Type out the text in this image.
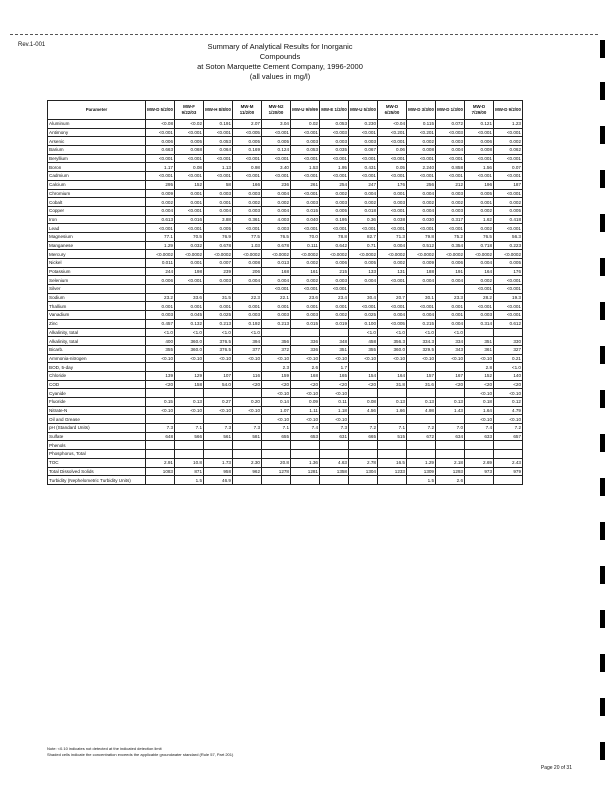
Rev.1-001	Summary of Analytical Results for Inorganic
Compounds
at Soton Marquette Cement Company, 1996-2000
(all values in mg/l)
Parameter	MW-D 5/2/00	MW-F 9/22/03	MW-H 8/8/00	MW-M 11/2/00	MW-N2 1/20/00	MW-U 9/9/99	MW-E 1/2/00	MW-U 5/3/00	MW-D 6/25/00	MW-D 3/3/00	MW-D 1/3/00	MW-D 7/29/00	MW-D 9/2/00
Aluminum	<0.08	<0.02	0.191	2.07	3.04	0.02	0.053	0.230	<0.04	0.115	0.072	0.121	1.23
Antimony	<0.001	<0.001	<0.001	<0.005	<0.001	<0.001	<0.003	<0.001	<0.201	<0.201	<0.003	<0.001	<0.001
Arsenic	0.006	0.005	0.053	0.005	0.005	0.003	0.003	0.003	<0.001	0.002	0.003	0.006	0.002
Barium	0.663	0.068	0.064	0.169	0.124	0.053	0.035	0.067	0.06	0.008	0.004	0.008	0.062
Beryllium	<0.001	<0.001	<0.001	<0.001	<0.001	<0.001	<0.001	<0.001	<0.001	<0.001	<0.001	<0.001	<0.001
Boron	1.17	0.08	1.13	0.98	3.40	1.53	1.95	0.431	0.05	2.240	0.858	1.56	0.07
Cadmium	<0.001	<0.001	<0.001	<0.001	<0.001	<0.001	<0.001	<0.001	<0.001	<0.001	<0.001	<0.001	<0.001
Calcium	295	152	58	166	236	261	254	247	176	256	212	196	187
Chromium	0.009	0.001	0.003	0.003	0.004	<0.001	0.002	0.004	0.001	0.004	0.003	0.005	<0.001
Cobalt	0.002	0.001	0.001	0.002	0.002	0.003	0.003	0.002	0.003	0.002	0.002	0.001	0.002
Copper	0.004	<0.001	0.004	0.003	0.004	0.015	0.005	0.018	<0.001	0.004	0.003	0.002	0.005
Iron	0.613	0.016	3.88	0.361	4.003	0.040	0.195	0.36	0.038	0.030	0.317	1.62	0.418
Lead	<0.001	<0.001	0.005	<0.001	0.003	<0.001	<0.001	<0.001	<0.001	<0.001	<0.001	0.002	<0.001
Magnesium	77.1	70.5	76.9	77.5	76.5	70.0	78.8	82.7	71.3	79.8	75.2	76.5	56.3
Manganese	1.29	0.032	0.678	1.03	0.678	0.111	0.642	0.71	0.004	0.512	0.354	0.718	0.223
Mercury	<0.0002	<0.0002	<0.0002	<0.0002	<0.0002	<0.0002	<0.0002	<0.0002	<0.0002	<0.0002	<0.0002	<0.0002	<0.0002
Nickel	0.011	0.001	0.007	0.008	0.013	0.002	0.006	0.005	0.002	0.009	0.006	0.004	0.005
Potassium	244	198	239	206	168	161	215	133	131	188	191	164	176
Selenium	0.006	<0.001	0.003	0.004	0.004	0.002	0.003	0.004	<0.001	0.004	0.004	0.002	<0.001
Silver					<0.001	<0.001	<0.001					<0.001	<0.001
Sodium	23.2	33.6	31.5	22.3	22.1	23.6	23.4	30.4	20.7	30.1	23.3	28.2	19.3
Thallium	0.001	0.001	0.001	0.001	0.001	0.001	0.001	<0.001	<0.001	<0.001	0.001	<0.001	<0.001
Vanadium	0.003	0.045	0.025	0.003	0.003	0.003	0.002	0.025	0.004	0.004	0.001	0.003	<0.001
Zinc	0.457	0.132	0.213	0.192	0.213	0.015	0.019	0.100	<0.005	0.215	0.004	0.314	0.612
Alkalinity, total	<1.0	<1.0	<1.0	<1.0				<1.0	<1.0	<1.0	<1.0		
Alkalinity, total	400	360.0	376.5	394	356	336	348	458	356.3	334.3	334	351	330
Bicarb.	355	360.0	376.5	377	372	336	351	355	360.0	329.5	343	361	327
Ammonia-nitrogen	<0.10	<0.10	<0.10	<0.10	<0.10	<0.10	<0.10	<0.10	<0.10	<0.10	<0.10	<0.10	0.21
BOD, 5-day					2.3	2.6	1.7					2.8	<1.0
Chloride	139	129	107	116	159	168	165	154	164	157	167	152	140
COD	<20	158	54.0	<20	<20	<20	<20	<20	31.8	31.6	<20	<20	<20
Cyanide					<0.10	<0.10	<0.10					<0.10	<0.10
Fluoride	0.15	0.13	0.27	0.20	0.14	0.09	0.11	0.08	0.13	0.13	0.13	0.18	0.12
Nitrate-N	<0.10	<0.10	<0.10	<0.10	1.07	1.11	1.18	4.56	1.66	4.98	1.43	1.64	4.79
Oil and Grease					<0.10	<0.10	<0.10					<0.10	<0.10
pH (Standard Units)	7.3	7.1	7.3	7.3	7.1	7.4	7.3	7.2	7.1	7.2	7.0	7.4	7.2
Sulfate	648	566	561	581	655	653	631	665	515	672	634	633	657
Phenols													
Phosphorus, Total													
TOC	2.91	10.8	1.73	2.30	20.8	1.36	4.63	2.78	16.5	1.29	2.18	2.69	2.43
Total Dissolved Solids	1083	871	958	962	1278	1281	1358	1304	1233	1309	1293	973	979
Turbidity (Nephelometric Turbidity Units)		1.5	46.9							1.5	2.6		
Note: <0.10 indicates not detected at the indicated detection limit
Shaded cells indicate the concentration exceeds the applicable groundwater standard (Rule 57, Part 201)
Page 20 of 31
